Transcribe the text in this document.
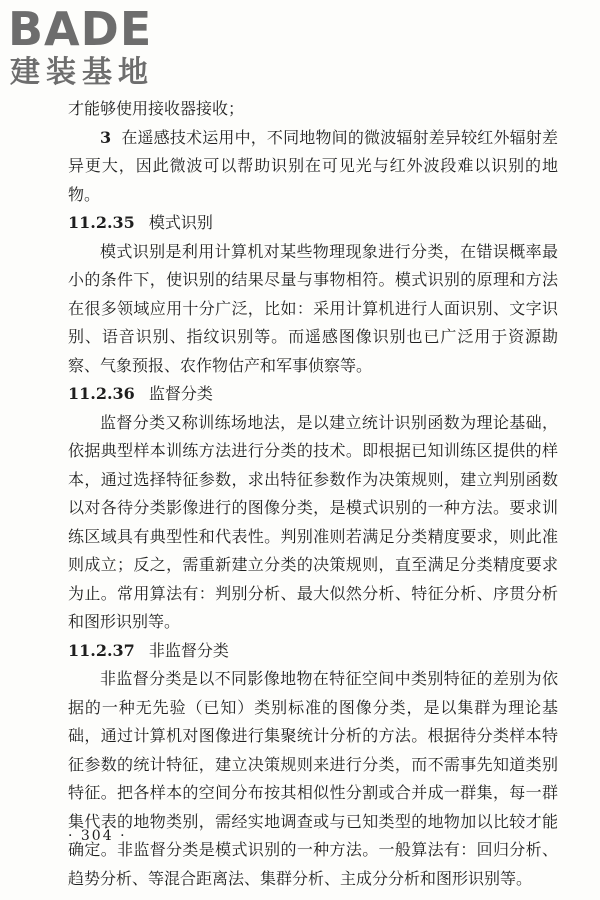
BADE
建装基地

才能够使用接收器接收；

3 在遥感技术运用中，不同地物间的微波辐射差异较红外辐射差异更大，因此微波可以帮助识别在可见光与红外波段难以识别的地物。

11.2.35 模式识别

模式识别是利用计算机对某些物理现象进行分类，在错误概率最小的条件下，使识别的结果尽量与事物相符。模式识别的原理和方法在很多领域应用十分广泛，比如：采用计算机进行人面识别、文字识别、语音识别、指纹识别等。而遥感图像识别也已广泛用于资源勘察、气象预报、农作物估产和军事侦察等。

11.2.36 监督分类

监督分类又称训练场地法，是以建立统计识别函数为理论基础，依据典型样本训练方法进行分类的技术。即根据已知训练区提供的样本，通过选择特征参数，求出特征参数作为决策规则，建立判别函数以对各待分类影像进行的图像分类，是模式识别的一种方法。要求训练区域具有典型性和代表性。判别准则若满足分类精度要求，则此准则成立；反之，需重新建立分类的决策规则，直至满足分类精度要求为止。常用算法有：判别分析、最大似然分析、特征分析、序贯分析和图形识别等。

11.2.37 非监督分类

非监督分类是以不同影像地物在特征空间中类别特征的差别为依据的一种无先验（已知）类别标准的图像分类，是以集群为理论基础，通过计算机对图像进行集聚统计分析的方法。根据待分类样本特征参数的统计特征，建立决策规则来进行分类，而不需事先知道类别特征。把各样本的空间分布按其相似性分割或合并成一群集，每一群集代表的地物类别，需经实地调查或与已知类型的地物加以比较才能确定。非监督分类是模式识别的一种方法。一般算法有：回归分析、趋势分析、等混合距离法、集群分析、主成分分析和图形识别等。

· 304 ·
